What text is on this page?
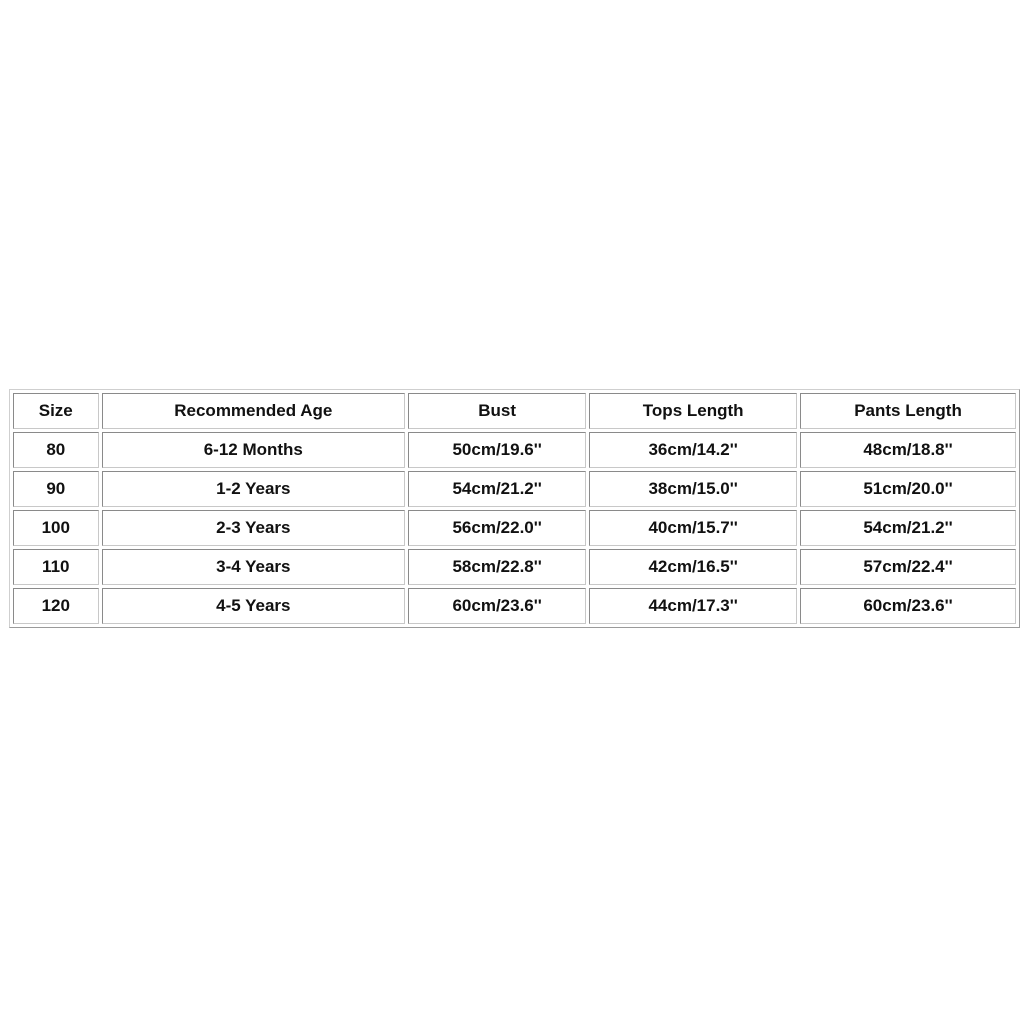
Size	Recommended Age	Bust	Tops Length	Pants Length
80	6-12 Months	50cm/19.6''	36cm/14.2''	48cm/18.8''
90	1-2 Years	54cm/21.2''	38cm/15.0''	51cm/20.0''
100	2-3 Years	56cm/22.0''	40cm/15.7''	54cm/21.2''
110	3-4 Years	58cm/22.8''	42cm/16.5''	57cm/22.4''
120	4-5 Years	60cm/23.6''	44cm/17.3''	60cm/23.6''
